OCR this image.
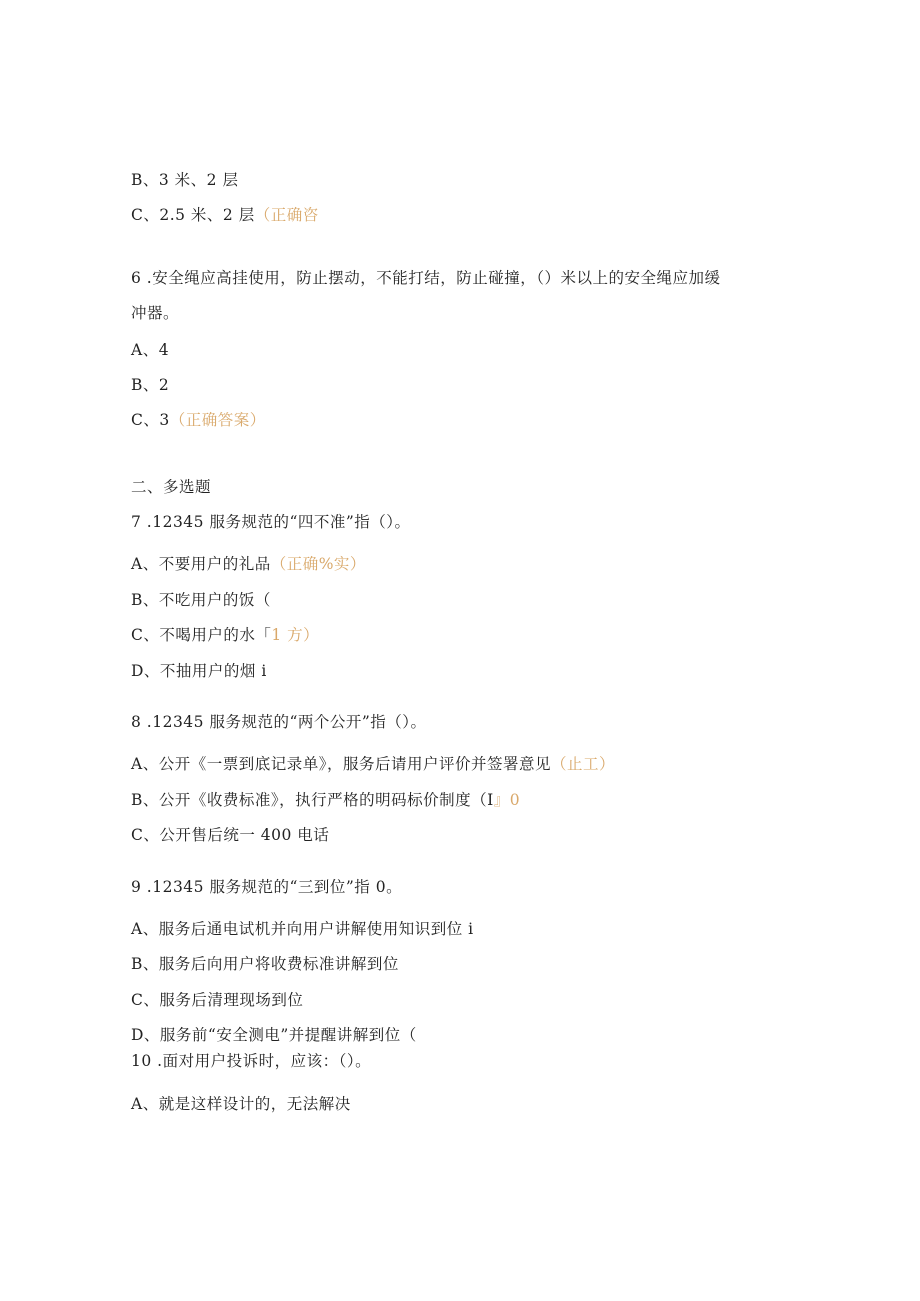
B、3 米、2 层
C、2.5 米、2 层（正确咨
6 .安全绳应高挂使用，防止摆动，不能打结，防止碰撞，（）米以上的安全绳应加缓
冲器。
A、4
B、2
C、3（正确答案）
二、多选题
7 .12345 服务规范的“四不准”指（）。
A、不要用户的礼品（正确%实）
B、不吃用户的饭（
C、不喝用户的水「1 方）
D、不抽用户的烟 i
8 .12345 服务规范的“两个公开”指（）。
A、公开《一票到底记录单》，服务后请用户评价并签署意见（止工）
B、公开《收费标准》，执行严格的明码标价制度（I』0
C、公开售后统一 400 电话
9 .12345 服务规范的“三到位”指 0。
A、服务后通电试机并向用户讲解使用知识到位 i
B、服务后向用户将收费标准讲解到位
C、服务后清理现场到位
D、服务前“安全测电”并提醒讲解到位（
10 .面对用户投诉时，应该：（）。
A、就是这样设计的，无法解决
